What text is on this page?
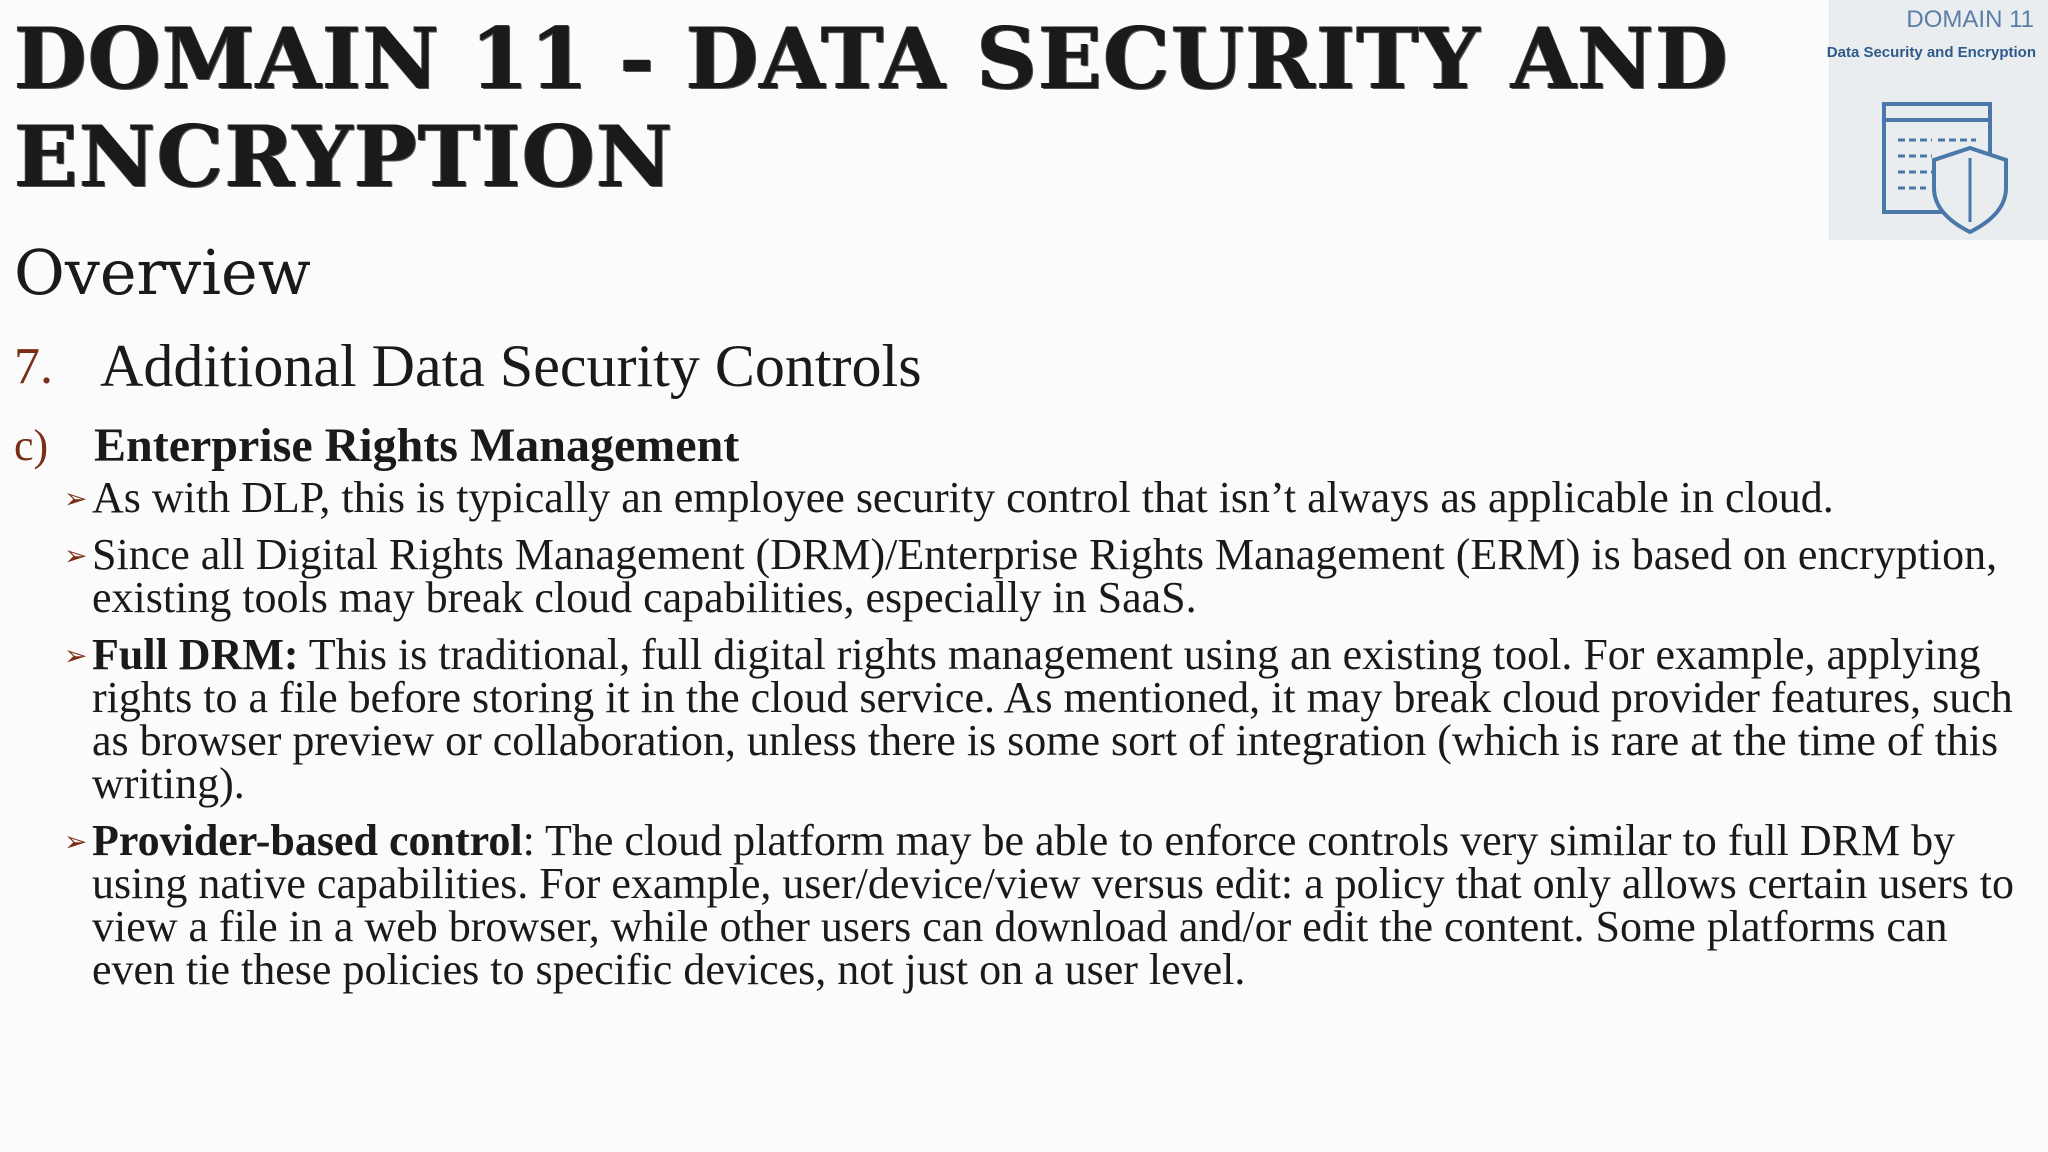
DOMAIN 11 - DATA SECURITY AND ENCRYPTION
Overview
7. Additional Data Security Controls
c) Enterprise Rights Management
➢ As with DLP, this is typically an employee security control that isn’t always as applicable in cloud.
➢ Since all Digital Rights Management (DRM)/Enterprise Rights Management (ERM) is based on encryption, existing tools may break cloud capabilities, especially in SaaS.
➢ Full DRM: This is traditional, full digital rights management using an existing tool. For example, applying rights to a file before storing it in the cloud service. As mentioned, it may break cloud provider features, such as browser preview or collaboration, unless there is some sort of integration (which is rare at the time of this writing).
➢ Provider-based control: The cloud platform may be able to enforce controls very similar to full DRM by using native capabilities. For example, user/device/view versus edit: a policy that only allows certain users to view a file in a web browser, while other users can download and/or edit the content. Some platforms can even tie these policies to specific devices, not just on a user level.
DOMAIN 11
Data Security and Encryption
